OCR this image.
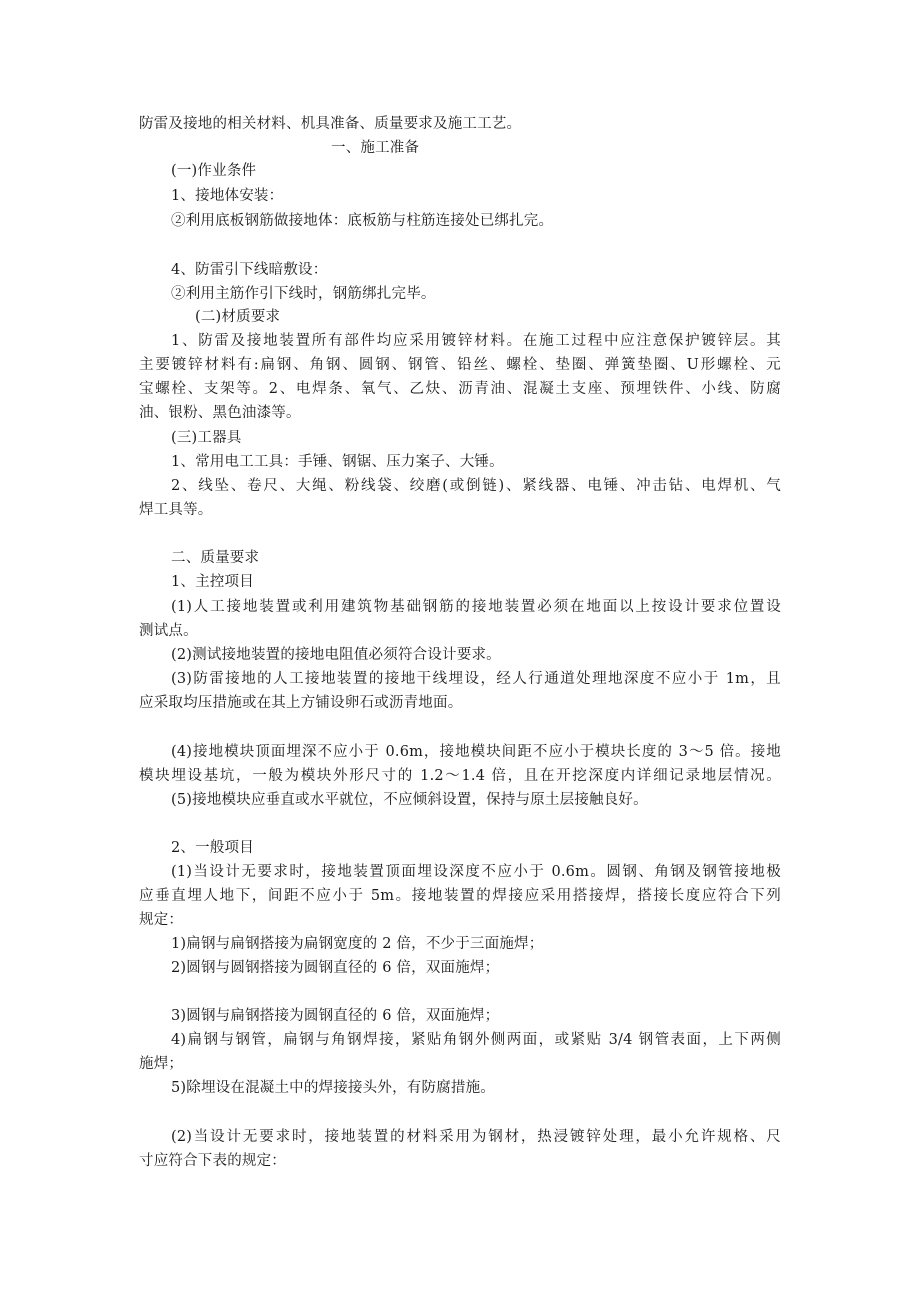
防雷及接地的相关材料、机具准备、质量要求及施工工艺。
一、施工准备
(一)作业条件
1、接地体安装：
②利用底板钢筋做接地体：底板筋与柱筋连接处已绑扎完。
4、防雷引下线暗敷设：
②利用主筋作引下线时，钢筋绑扎完毕。
(二)材质要求
1、防雷及接地装置所有部件均应采用镀锌材料。在施工过程中应注意保护镀锌层。其
主要镀锌材料有:扁钢、角钢、圆钢、钢管、铅丝、螺栓、垫圈、弹簧垫圈、U形螺栓、元
宝螺栓、支架等。2、电焊条、氧气、乙炔、沥青油、混凝土支座、预埋铁件、小线、防腐
油、银粉、黑色油漆等。
(三)工器具
1、常用电工工具：手锤、钢锯、压力案子、大锤。
2、线坠、卷尺、大绳、粉线袋、绞磨(或倒链)、紧线器、电锤、冲击钻、电焊机、气
焊工具等。
二、质量要求
1、主控项目
(1)人工接地装置或利用建筑物基础钢筋的接地装置必须在地面以上按设计要求位置设
测试点。
(2)测试接地装置的接地电阻值必须符合设计要求。
(3)防雷接地的人工接地装置的接地干线埋设，经人行通道处理地深度不应小于 1m，且
应采取均压措施或在其上方铺设卵石或沥青地面。
(4)接地模块顶面埋深不应小于 0.6m，接地模块间距不应小于模块长度的 3～5 倍。接地
模块埋设基坑，一般为模块外形尺寸的 1.2～1.4 倍，且在开挖深度内详细记录地层情况。
(5)接地模块应垂直或水平就位，不应倾斜设置，保持与原土层接触良好。
2、一般项目
(1)当设计无要求时，接地装置顶面埋设深度不应小于 0.6m。圆钢、角钢及钢管接地极
应垂直埋人地下，间距不应小于 5m。接地装置的焊接应采用搭接焊，搭接长度应符合下列
规定：
1)扁钢与扁钢搭接为扁钢宽度的 2 倍，不少于三面施焊；
2)圆钢与圆钢搭接为圆钢直径的 6 倍，双面施焊；
3)圆钢与扁钢搭接为圆钢直径的 6 倍，双面施焊；
4)扁钢与钢管，扁钢与角钢焊接，紧贴角钢外侧两面，或紧贴 3/4 钢管表面，上下两侧
施焊；
5)除埋设在混凝土中的焊接接头外，有防腐措施。
(2)当设计无要求时，接地装置的材料采用为钢材，热浸镀锌处理，最小允许规格、尺
寸应符合下表的规定：
